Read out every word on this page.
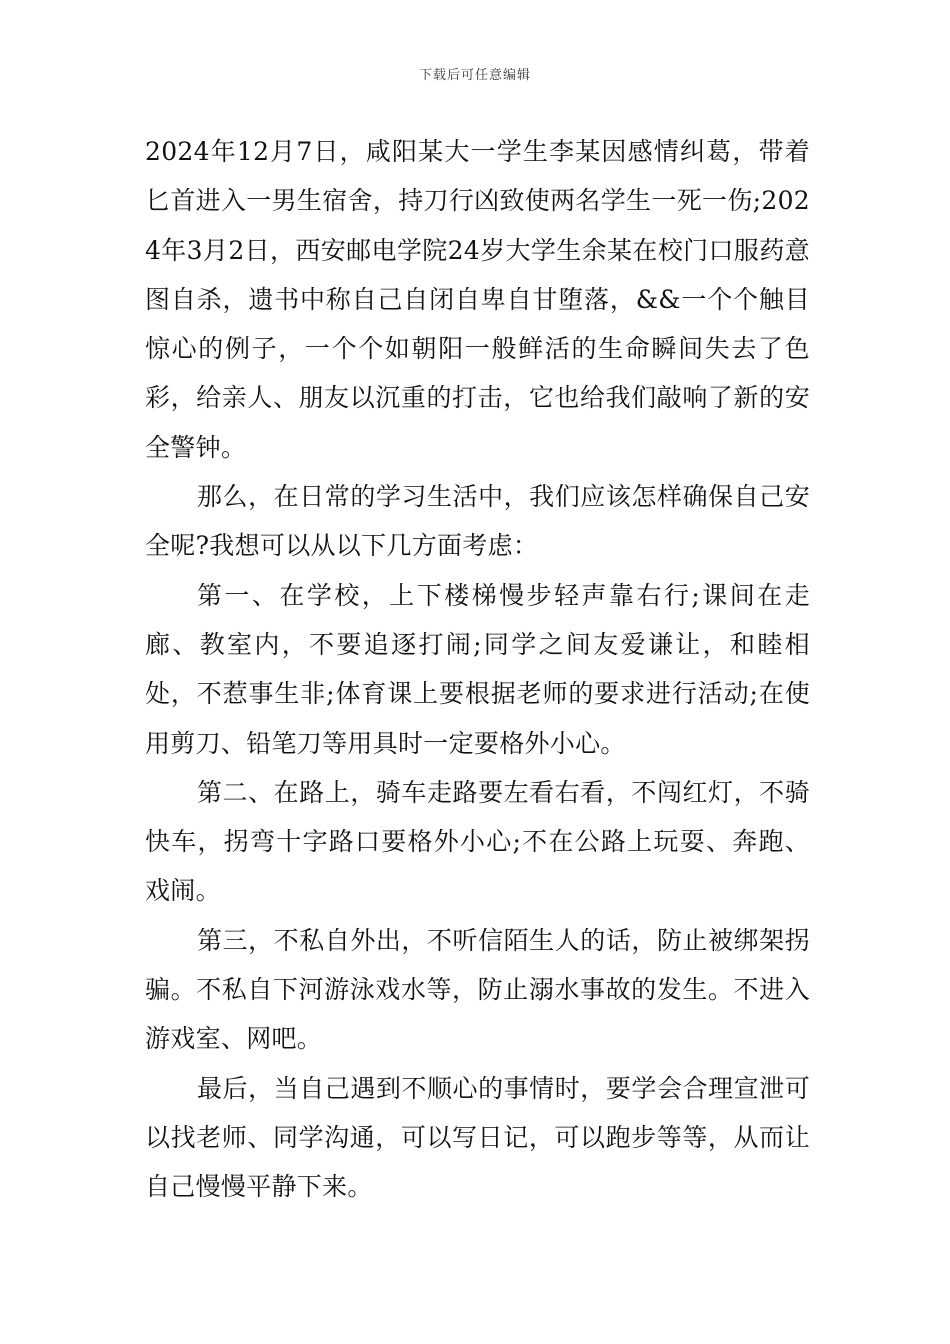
下载后可任意编辑

2024年12月7日，咸阳某大一学生李某因感情纠葛，带着匕首进入一男生宿舍，持刀行凶致使两名学生一死一伤;2024年3月2日，西安邮电学院24岁大学生余某在校门口服药意图自杀，遗书中称自己自闭自卑自甘堕落，&&一个个触目惊心的例子，一个个如朝阳一般鲜活的生命瞬间失去了色彩，给亲人、朋友以沉重的打击，它也给我们敲响了新的安全警钟。

那么，在日常的学习生活中，我们应该怎样确保自己安全呢?我想可以从以下几方面考虑：

第一、在学校，上下楼梯慢步轻声靠右行;课间在走廊、教室内，不要追逐打闹;同学之间友爱谦让，和睦相处，不惹事生非;体育课上要根据老师的要求进行活动;在使用剪刀、铅笔刀等用具时一定要格外小心。

第二、在路上，骑车走路要左看右看，不闯红灯，不骑快车，拐弯十字路口要格外小心;不在公路上玩耍、奔跑、戏闹。

第三，不私自外出，不听信陌生人的话，防止被绑架拐骗。不私自下河游泳戏水等，防止溺水事故的发生。不进入游戏室、网吧。

最后，当自己遇到不顺心的事情时，要学会合理宣泄可以找老师、同学沟通，可以写日记，可以跑步等等，从而让自己慢慢平静下来。
